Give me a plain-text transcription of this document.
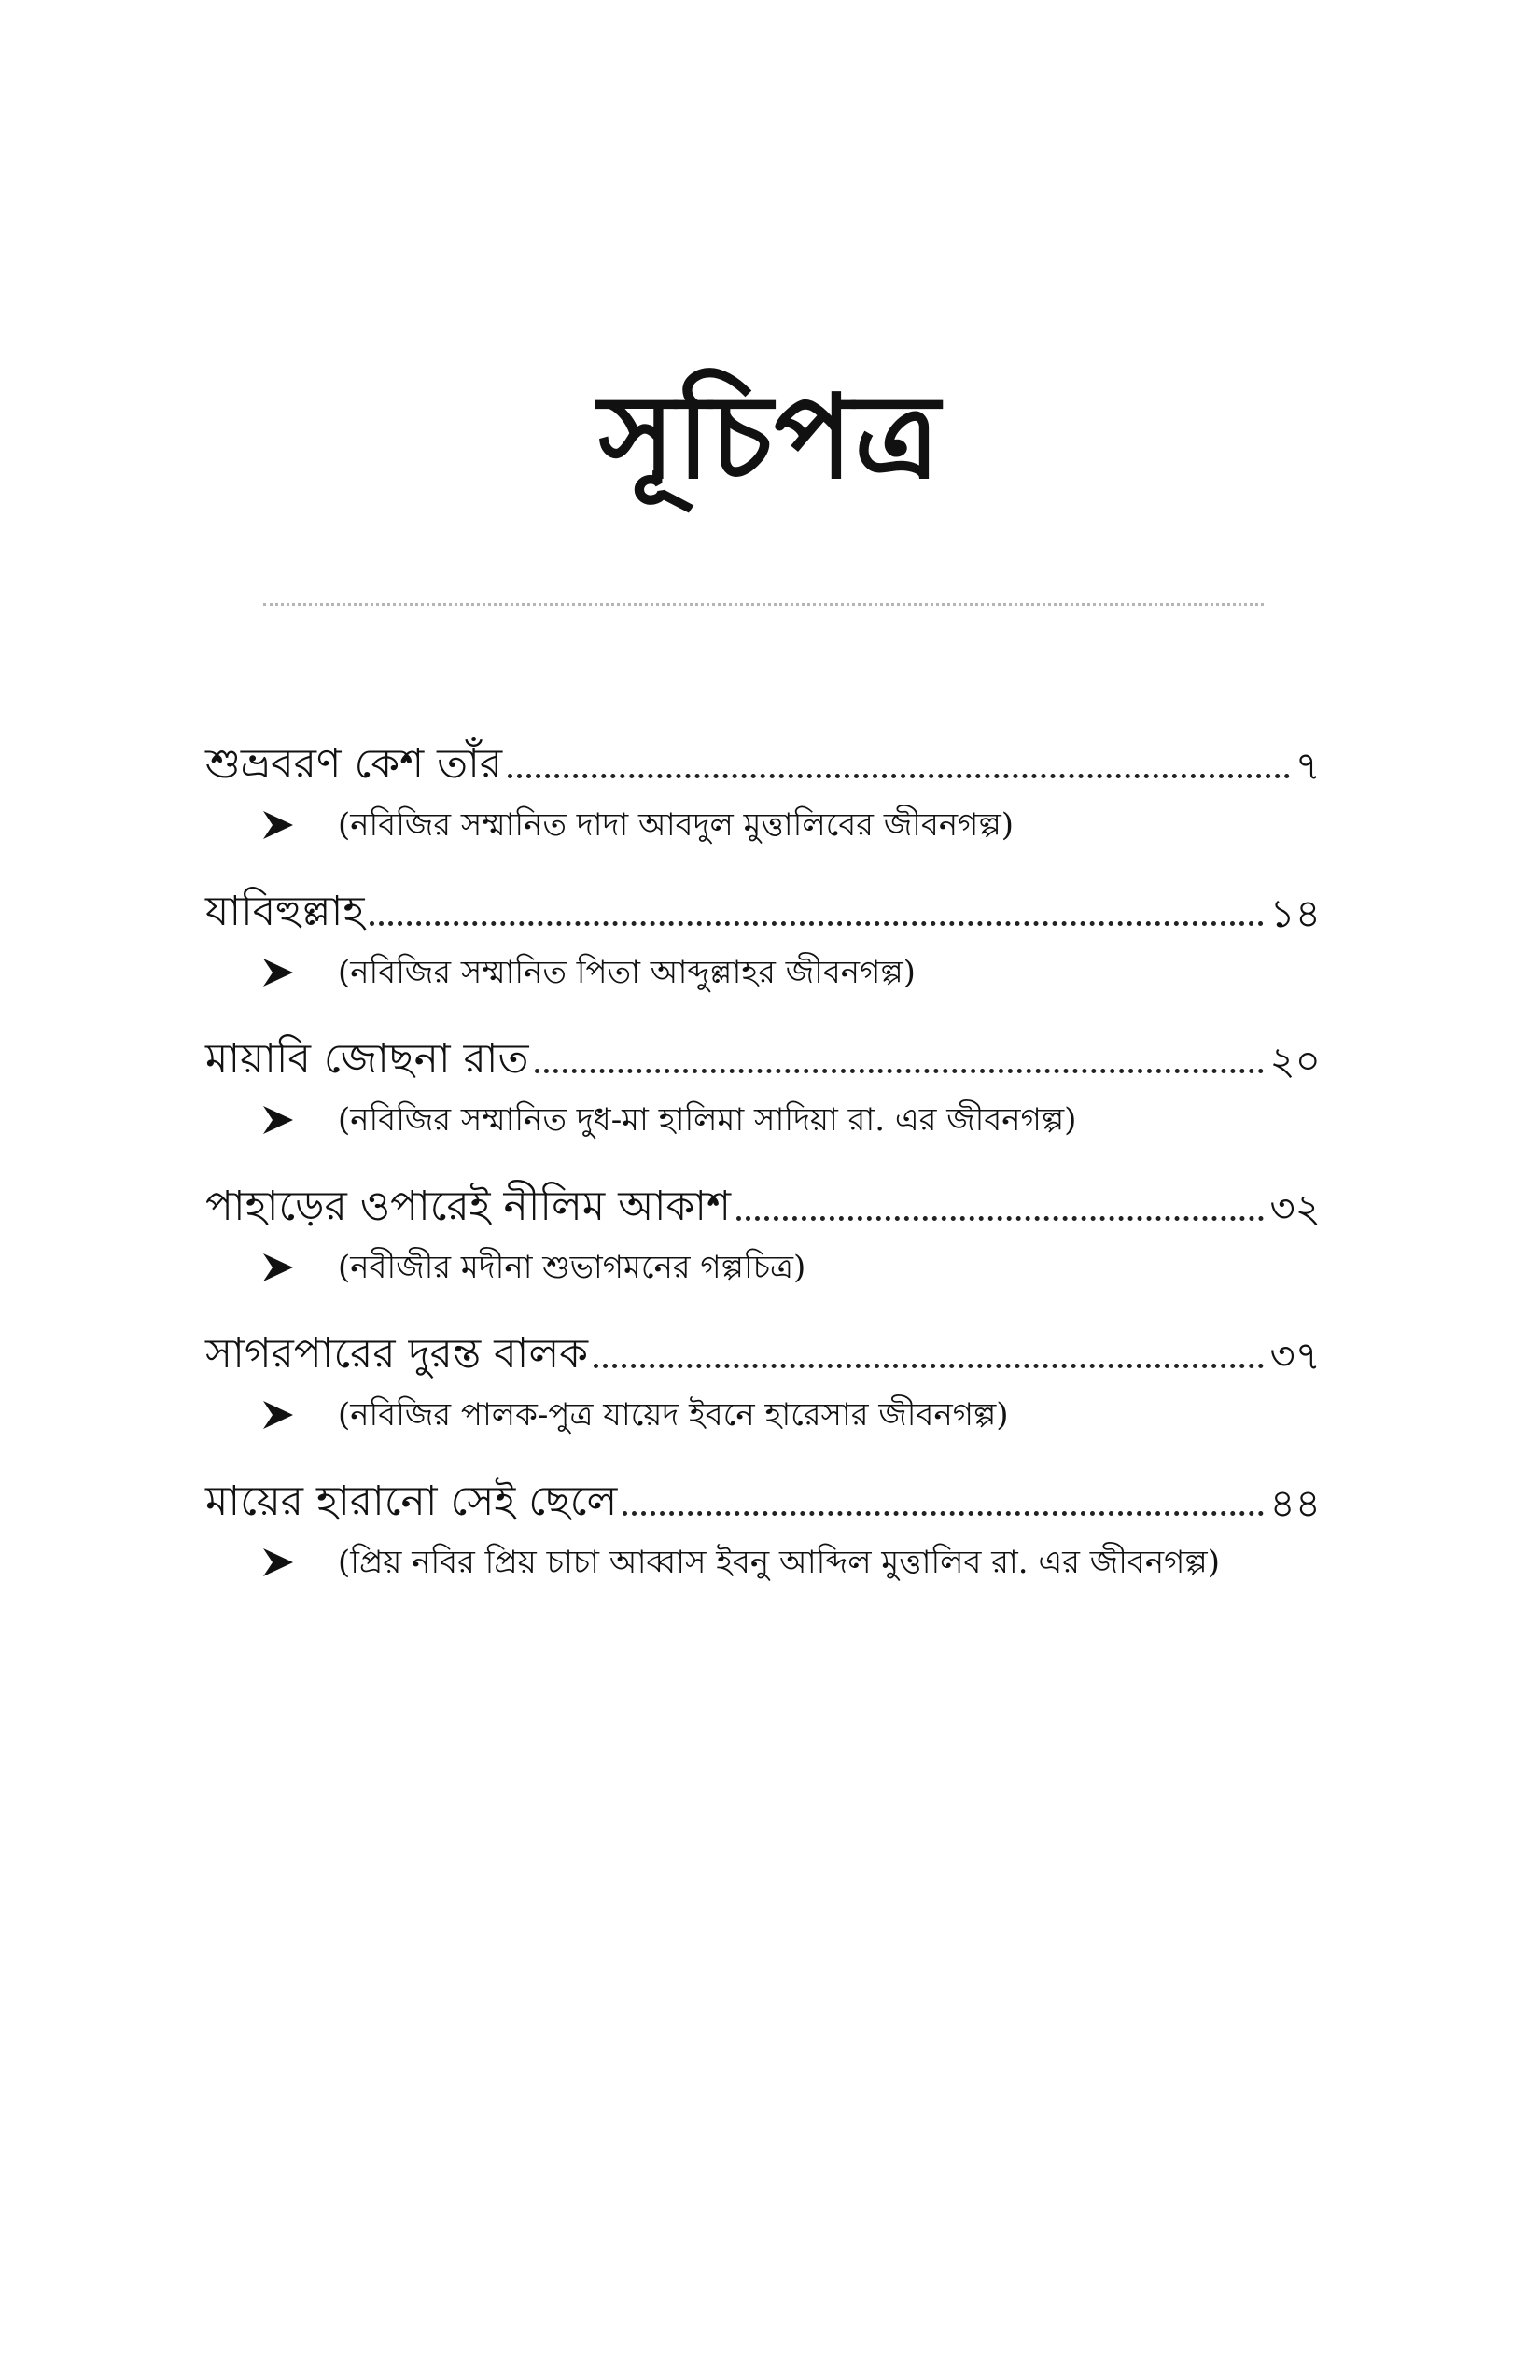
সূচিপত্র
শুভ্রবরণ কেশ তাঁর	৭
(নবিজির সম্মানিত দাদা আবদুল মুত্তালিবের জীবনগল্প)
যাবিহুল্লাহ	১৪
(নবিজির সম্মানিত পিতা আব্দুল্লাহর জীবনগল্প)
মায়াবি জোছনা রাত	২০
(নবিজির সম্মানিত দুধ-মা হালিমা সাদিয়া রা. এর জীবনগল্প)
পাহাড়ের ওপারেই নীলিম আকাশ	৩২
(নবীজীর মদীনা শুভাগমনের গল্পচিত্র)
সাগরপারের দুরন্ত বালক	৩৭
(নবিজির পালক-পুত্র যায়েদ ইবনে হারেসার জীবনগল্প)
মায়ের হারানো সেই ছেলে	৪৪
(প্রিয় নবির প্রিয় চাচা আব্বাস ইবনু আব্দিল মুত্তালিব রা. এর জীবনগল্প)
